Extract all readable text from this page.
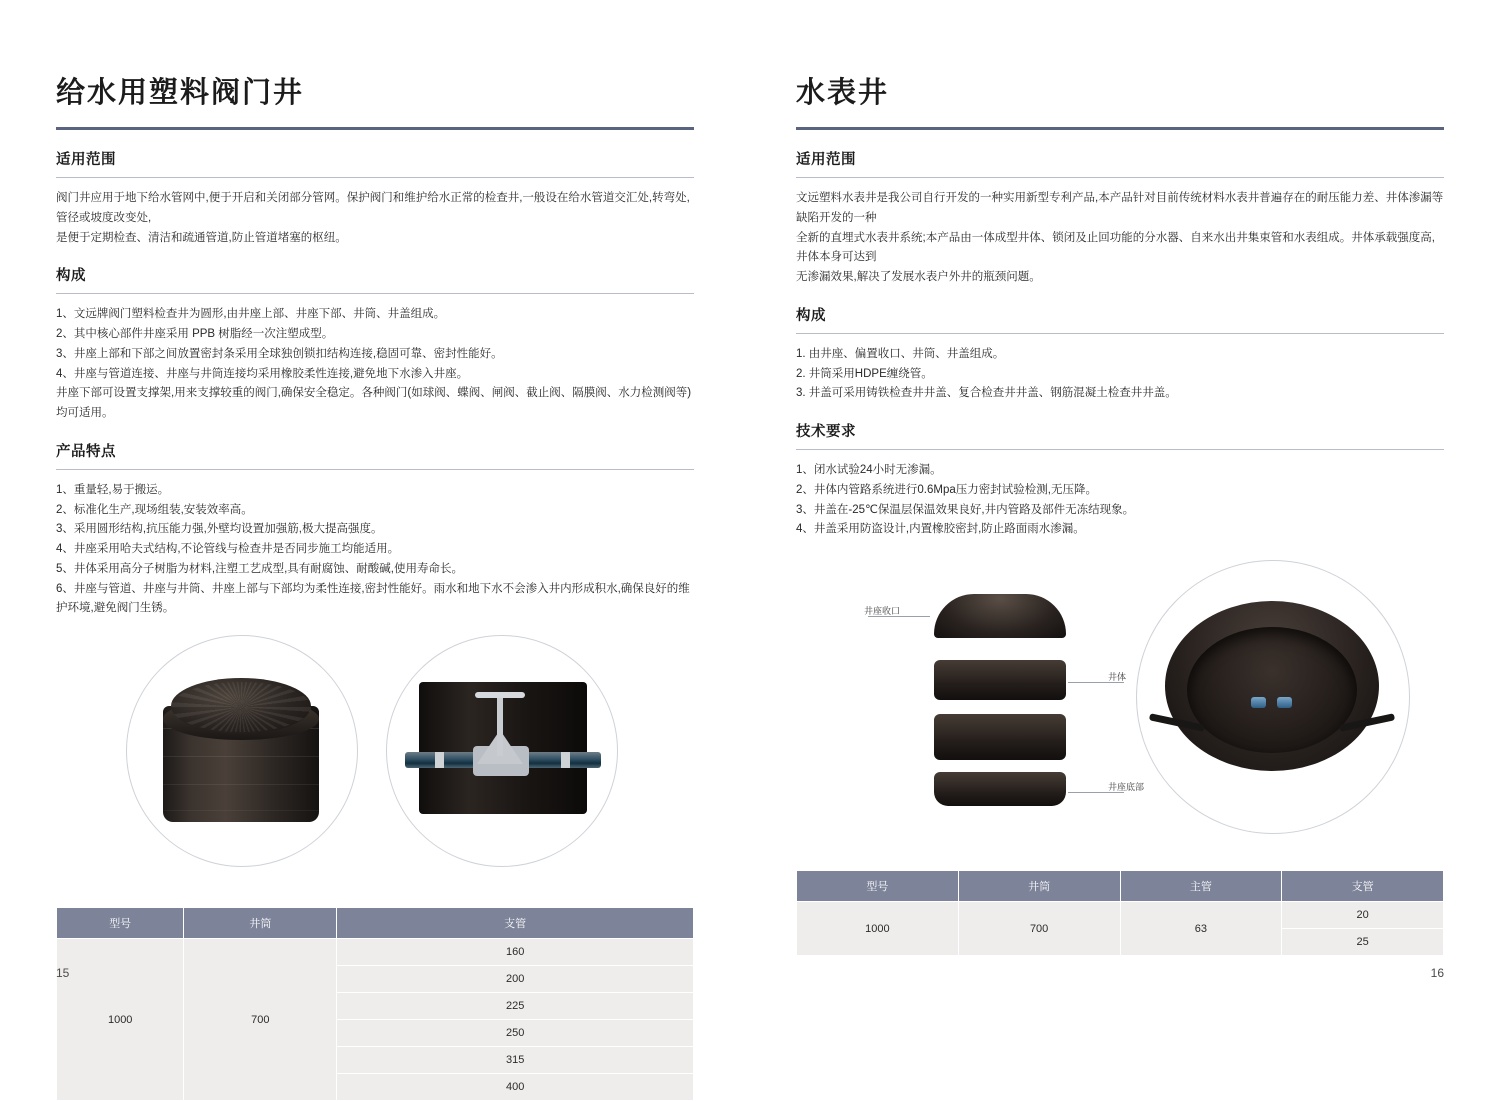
给水用塑料阀门井
适用范围

阀门井应用于地下给水管网中,便于开启和关闭部分管网。保护阀门和维护给水正常的检查井,一般设在给水管道交汇处,转弯处,管径或坡度改变处,

是便于定期检查、清洁和疏通管道,防止管道堵塞的枢纽。

构成

1、文远牌阀门塑料检查井为圆形,由井座上部、井座下部、井筒、井盖组成。

2、其中核心部件井座采用 PPB 树脂经一次注塑成型。

3、井座上部和下部之间放置密封条采用全球独创锁扣结构连接,稳固可靠、密封性能好。

4、井座与管道连接、井座与井筒连接均采用橡胶柔性连接,避免地下水渗入井座。

井座下部可设置支撑架,用来支撑较重的阀门,确保安全稳定。各种阀门(如球阀、蝶阀、闸阀、截止阀、隔膜阀、水力检测阀等)均可适用。

产品特点

1、重量轻,易于搬运。

2、标准化生产,现场组装,安装效率高。

3、采用圆形结构,抗压能力强,外壁均设置加强筋,极大提高强度。

4、井座采用哈夫式结构,不论管线与检查井是否同步施工均能适用。

5、井体采用高分子树脂为材料,注塑工艺成型,具有耐腐蚀、耐酸碱,使用寿命长。

6、井座与管道、井座与井筒、井座上部与下部均为柔性连接,密封性能好。雨水和地下水不会渗入井内形成积水,确保良好的维护环境,避免阀门生锈。

型号	井筒	支管
1000	700	160
		200
		225
		250
		315
		400
15
水表井
适用范围

文远塑料水表井是我公司自行开发的一种实用新型专利产品,本产品针对目前传统材料水表井普遍存在的耐压能力差、井体渗漏等缺陷开发的一种

全新的直埋式水表井系统;本产品由一体成型井体、锁闭及止回功能的分水器、自来水出井集束管和水表组成。井体承载强度高,井体本身可达到

无渗漏效果,解决了发展水表户外井的瓶颈问题。

构成

1. 由井座、偏置收口、井筒、井盖组成。

2. 井筒采用HDPE缠绕管。

3. 井盖可采用铸铁检查井井盖、复合检查井井盖、钢筋混凝土检查井井盖。

技术要求

1、闭水试验24小时无渗漏。

2、井体内管路系统进行0.6Mpa压力密封试验检测,无压降。

3、井盖在-25℃保温层保温效果良好,井内管路及部件无冻结现象。

4、井盖采用防盗设计,内置橡胶密封,防止路面雨水渗漏。

井座收口
井体
井座底部
型号	井筒	主管	支管
1000	700	63	20
			25
16
